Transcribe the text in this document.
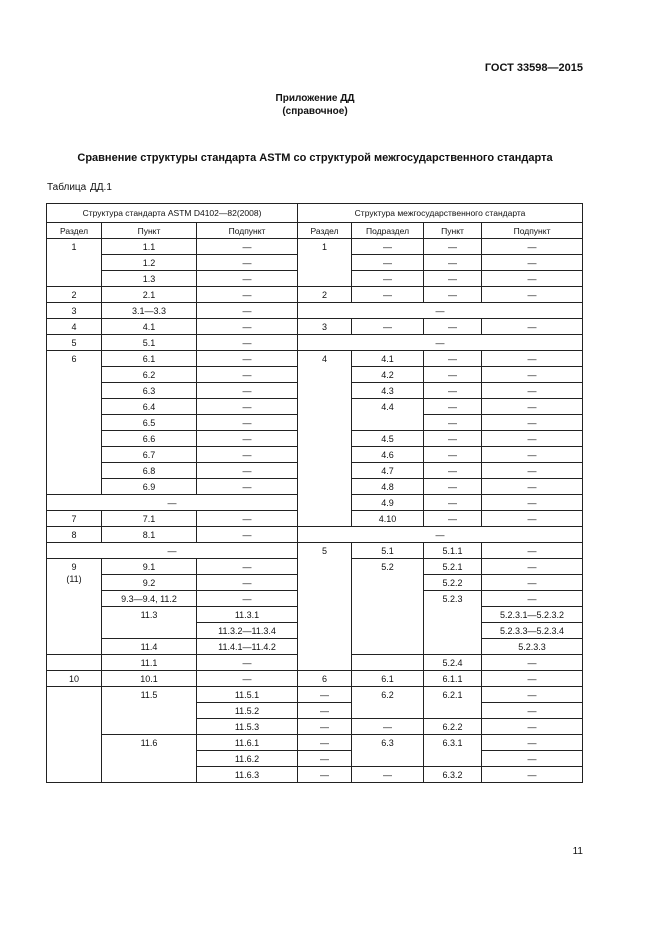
ГОСТ 33598—2015
Приложение ДД
(справочное)
Сравнение структуры стандарта ASTM со структурой межгосударственного стандарта
Таблица ДД.1
Структура стандарта ASTM D4102—82(2008)			Структура межгосударственного стандарта			
Раздел	Пункт	Подпункт	Раздел	Подраздел	Пункт	Подпункт
1	1.1	—	1	—	—	—
	1.2	—		—	—	—
	1.3	—		—	—	—
2	2.1	—	2	—	—	—
3	3.1—3.3	—	—			
4	4.1	—	3	—	—	—
5	5.1	—	—			
6	6.1	—	4	4.1	—	—
	6.2	—		4.2	—	—
	6.3	—		4.3	—	—
	6.4	—		4.4	—	—
	6.5	—			—	—
	6.6	—		4.5	—	—
	6.7	—		4.6	—	—
	6.8	—		4.7	—	—
	6.9	—		4.8	—	—
—				4.9	—	—
7	7.1	—		4.10	—	—
8	8.1	—	—			
—			5	5.1	5.1.1	—
9
(11)	9.1	—		5.2	5.2.1	—
	9.2	—			5.2.2	—
	9.3—9.4, 11.2	—			5.2.3	—
	11.3	11.3.1				5.2.3.1—5.2.3.2
		11.3.2—11.3.4				5.2.3.3—5.2.3.4
	11.4	11.4.1—11.4.2				5.2.3.3
	11.1	—			5.2.4	—
10	10.1	—	6	6.1	6.1.1	—
	11.5	11.5.1	—	6.2	6.2.1	—
		11.5.2	—			—
		11.5.3	—	—	6.2.2	—
	11.6	11.6.1	—	6.3	6.3.1	—
		11.6.2	—			—
		11.6.3	—	—	6.3.2	—
11
